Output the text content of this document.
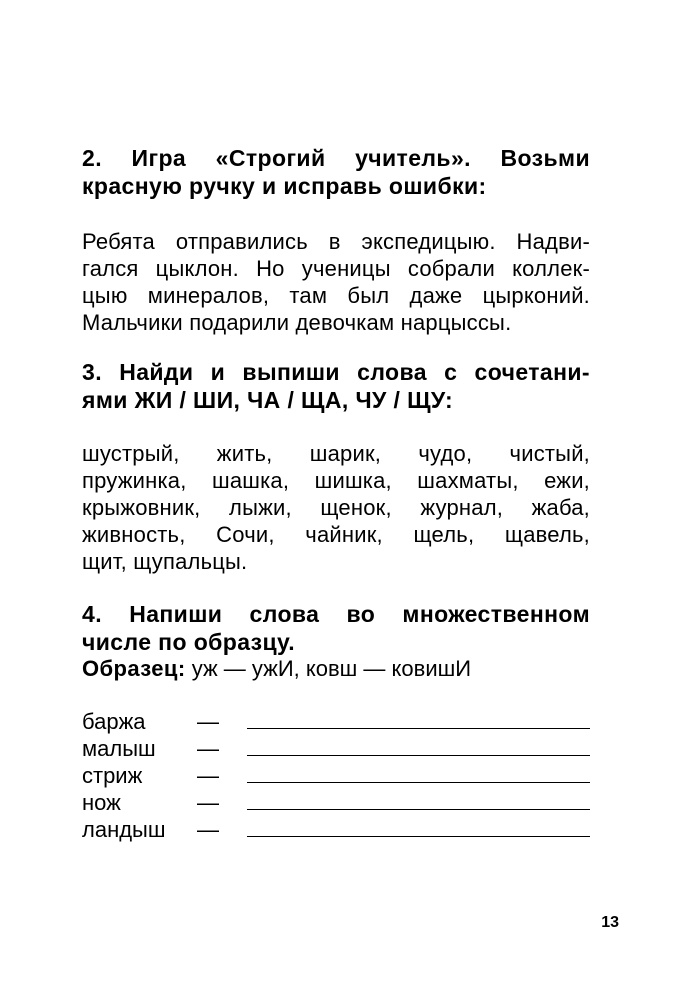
2. Игра «Строгий учитель». Возьми
красную ручку и исправь ошибки:
Ребята отправились в экспедицыю. Надви-
гался цыклон. Но ученицы собрали коллек-
цыю минералов, там был даже цырконий.
Мальчики подарили девочкам нарцыссы.
3. Найди и выпиши слова с сочетани-
ями ЖИ / ШИ, ЧА / ЩА, ЧУ / ЩУ:
шустрый, жить, шарик, чудо, чистый,
пружинка, шашка, шишка, шахматы, ежи,
крыжовник, лыжи, щенок, журнал, жаба,
живность, Сочи, чайник, щель, щавель,
щит, щупальцы.
4. Напиши слова во множественном
числе по образцу.
Образец: уж — ужИ, ковш — ковишИ
баржа —
малыш —
стриж —
нож	—
ландыш —
13
